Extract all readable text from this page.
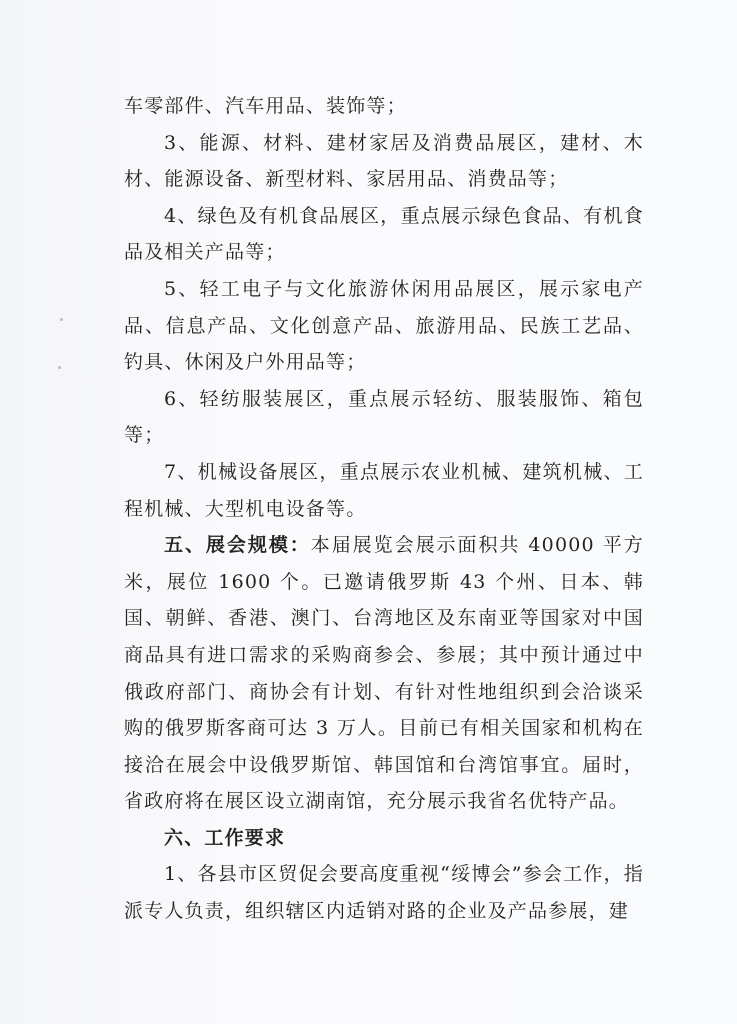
车零部件、汽车用品、装饰等；

3、能源、材料、建材家居及消费品展区，建材、木材、能源设备、新型材料、家居用品、消费品等；

4、绿色及有机食品展区，重点展示绿色食品、有机食品及相关产品等；

5、轻工电子与文化旅游休闲用品展区，展示家电产品、信息产品、文化创意产品、旅游用品、民族工艺品、钓具、休闲及户外用品等；

6、轻纺服装展区，重点展示轻纺、服装服饰、箱包等；

7、机械设备展区，重点展示农业机械、建筑机械、工程机械、大型机电设备等。

五、展会规模：本届展览会展示面积共 40000 平方米，展位 1600 个。已邀请俄罗斯 43 个州、日本、韩国、朝鲜、香港、澳门、台湾地区及东南亚等国家对中国商品具有进口需求的采购商参会、参展；其中预计通过中俄政府部门、商协会有计划、有针对性地组织到会洽谈采购的俄罗斯客商可达 3 万人。目前已有相关国家和机构在接洽在展会中设俄罗斯馆、韩国馆和台湾馆事宜。届时，省政府将在展区设立湖南馆，充分展示我省名优特产品。

六、工作要求

1、各县市区贸促会要高度重视“绥博会”参会工作，指派专人负责，组织辖区内适销对路的企业及产品参展，建
